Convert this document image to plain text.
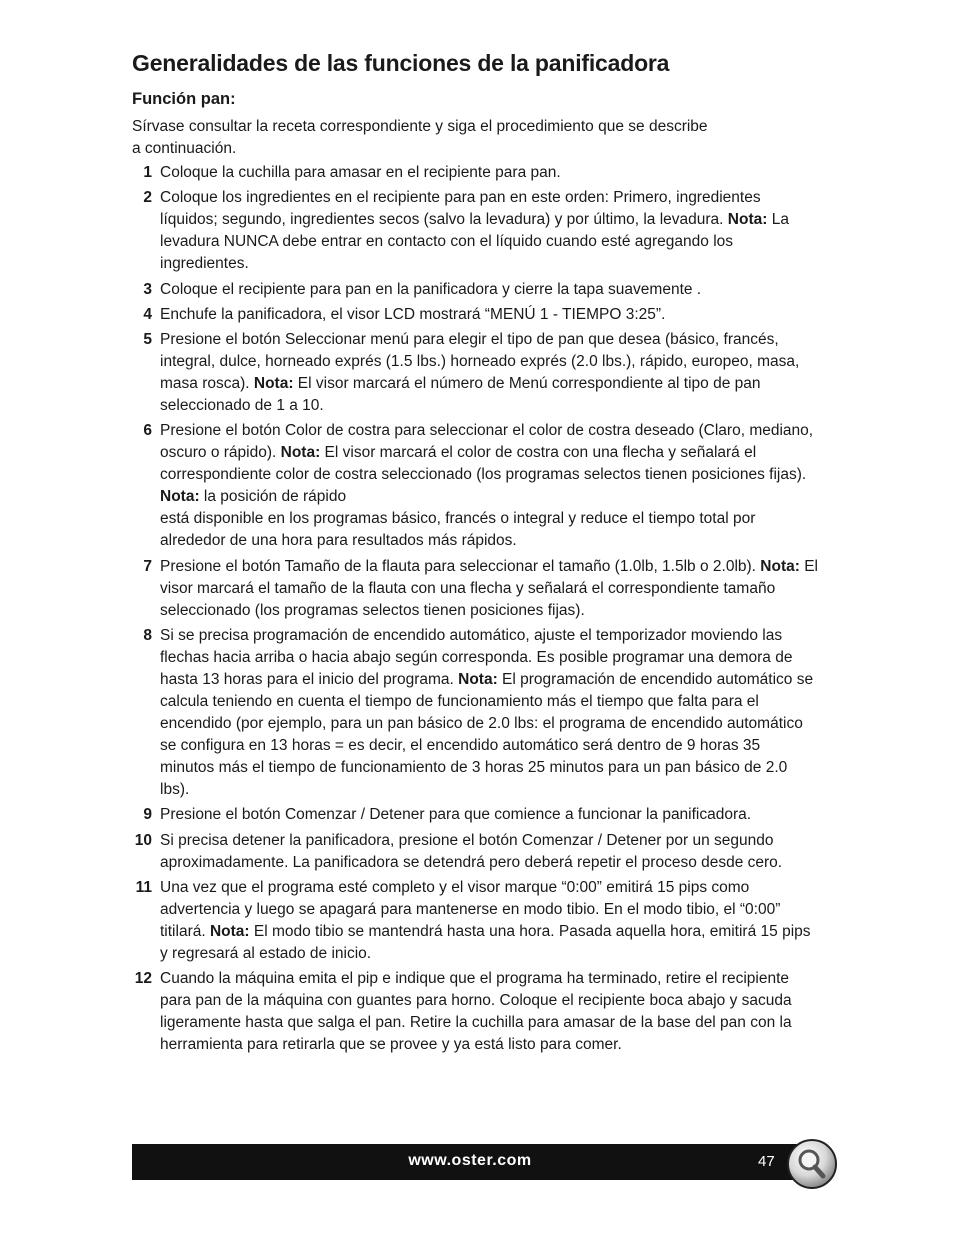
Generalidades de las funciones de la panificadora
Función pan:

Sírvase consultar la receta correspondiente y siga el procedimiento que se describe a continuación.

1 Coloque la cuchilla para amasar en el recipiente para pan.
2 Coloque los ingredientes en el recipiente para pan en este orden: Primero, ingredientes líquidos; segundo, ingredientes secos (salvo la levadura) y por último, la levadura. Nota: La levadura NUNCA debe entrar en contacto con el líquido cuando esté agregando los ingredientes.
3 Coloque el recipiente para pan en la panificadora y cierre la tapa suavemente .
4 Enchufe la panificadora, el visor LCD mostrará “MENÚ 1 - TIEMPO 3:25”.
5 Presione el botón Seleccionar menú para elegir el tipo de pan que desea (básico, francés, integral, dulce, horneado exprés (1.5 lbs.) horneado exprés (2.0 lbs.), rápido, europeo, masa, masa rosca). Nota: El visor marcará el número de Menú correspondiente al tipo de pan seleccionado de 1 a 10.
6 Presione el botón Color de costra para seleccionar el color de costra deseado (Claro, mediano, oscuro o rápido). Nota: El visor marcará el color de costra con una flecha y señalará el correspondiente color de costra seleccionado (los programas selectos tienen posiciones fijas). Nota: la posición de rápido
está disponible en los programas básico, francés o integral y reduce el tiempo total por alrededor de una hora para resultados más rápidos.
7 Presione el botón Tamaño de la flauta para seleccionar el tamaño (1.0lb, 1.5lb o 2.0lb). Nota: El visor marcará el tamaño de la flauta con una flecha y señalará el correspondiente tamaño seleccionado (los programas selectos tienen posiciones fijas).
8 Si se precisa programación de encendido automático, ajuste el temporizador moviendo las flechas hacia arriba o hacia abajo según corresponda. Es posible programar una demora de hasta 13 horas para el inicio del programa. Nota: El programación de encendido automático se calcula teniendo en cuenta el tiempo de funcionamiento más el tiempo que falta para el encendido (por ejemplo, para un pan básico de 2.0 lbs: el programa de encendido automático se configura en 13 horas = es decir, el encendido automático será dentro de 9 horas 35 minutos más el tiempo de funcionamiento de 3 horas 25 minutos para un pan básico de 2.0 lbs).
9 Presione el botón Comenzar / Detener para que comience a funcionar la panificadora.
10 Si precisa detener la panificadora, presione el botón Comenzar / Detener por un segundo aproximadamente. La panificadora se detendrá pero deberá repetir el proceso desde cero.
11 Una vez que el programa esté completo y el visor marque “0:00” emitirá 15 pips como advertencia y luego se apagará para mantenerse en modo tibio. En el modo tibio, el “0:00” titilará. Nota: El modo tibio se mantendrá hasta una hora. Pasada aquella hora, emitirá 15 pips y regresará al estado de inicio.
12 Cuando la máquina emita el pip e indique que el programa ha terminado, retire el recipiente para pan de la máquina con guantes para horno. Coloque el recipiente boca abajo y sacuda ligeramente hasta que salga el pan. Retire la cuchilla para amasar de la base del pan con la herramienta para retirarla que se provee y ya está listo para comer.
www.oster.com	47
